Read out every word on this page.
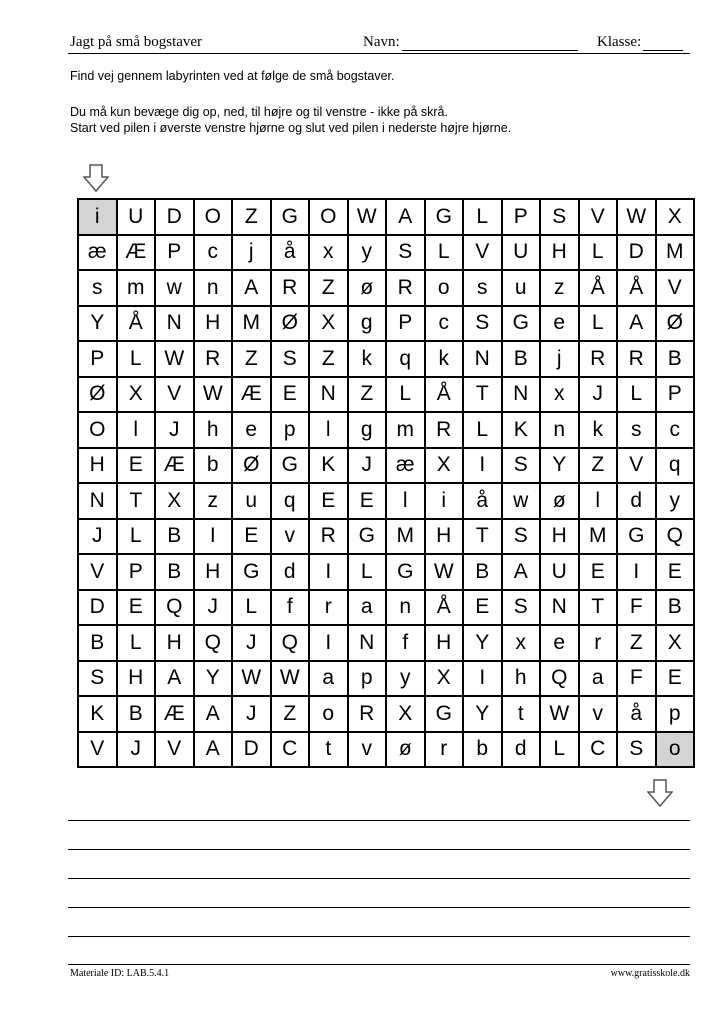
Jagt på små bogstaver	Navn:	Klasse:
Find vej gennem labyrinten ved at følge de små bogstaver.
Du må kun bevæge dig op, ned, til højre og til venstre - ikke på skrå.
Start ved pilen i øverste venstre hjørne og slut ved pilen i nederste højre hjørne.
i	U	D	O	Z	G	O	W	A	G	L	P	S	V	W	X
æ	Æ	P	c	j	å	x	y	S	L	V	U	H	L	D	M
s	m	w	n	A	R	Z	ø	R	o	s	u	z	Å	Å	V
Y	Å	N	H	M	Ø	X	g	P	c	S	G	e	L	A	Ø
P	L	W	R	Z	S	Z	k	q	k	N	B	j	R	R	B
Ø	X	V	W	Æ	E	N	Z	L	Å	T	N	x	J	L	P
O	l	J	h	e	p	l	g	m	R	L	K	n	k	s	c
H	E	Æ	b	Ø	G	K	J	æ	X	I	S	Y	Z	V	q
N	T	X	z	u	q	E	E	l	i	å	w	ø	l	d	y
J	L	B	I	E	v	R	G	M	H	T	S	H	M	G	Q
V	P	B	H	G	d	I	L	G	W	B	A	U	E	I	E
D	E	Q	J	L	f	r	a	n	Å	E	S	N	T	F	B
B	L	H	Q	J	Q	I	N	f	H	Y	x	e	r	Z	X
S	H	A	Y	W	W	a	p	y	X	I	h	Q	a	F	E
K	B	Æ	A	J	Z	o	R	X	G	Y	t	W	v	å	p
V	J	V	A	D	C	t	v	ø	r	b	d	L	C	S	o
Materiale ID: LAB.5.4.1	www.gratisskole.dk
